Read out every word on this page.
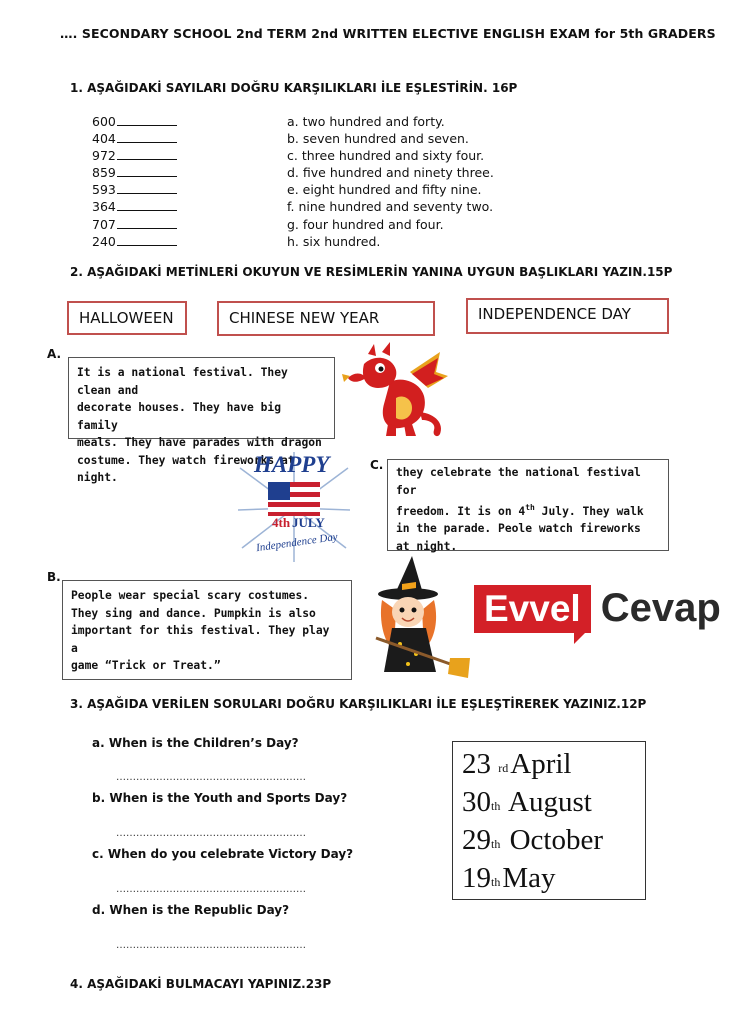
…. SECONDARY SCHOOL 2nd TERM 2nd WRITTEN ELECTIVE ENGLISH EXAM for 5th GRADERS
1. AŞAĞIDAKİ SAYILARI DOĞRU KARŞILIKLARI İLE EŞLESTİRİN. 16P
600
404
972
859
593
364
707
240
a. two hundred and forty.
b. seven hundred and seven.
c. three hundred and sixty four.
d. five hundred and ninety three.
e. eight hundred and fifty nine.
f. nine hundred and seventy two.
g. four hundred and four.
h. six hundred.
2. AŞAĞIDAKİ METİNLERİ OKUYUN VE RESİMLERİN YANINA UYGUN BAŞLIKLARI YAZIN.15P
HALLOWEEN	CHINESE NEW YEAR	INDEPENDENCE DAY
A.
It is a national festival. They clean and
decorate houses. They have big family
meals. They have parades with dragon
costume. They watch fireworks at night.
HAPPY
4th JULY
Independence Day
C.
they celebrate the national festival for
freedom. It is on 4th July. They walk
in the parade. Peole watch fireworks
at night.
B.
People wear special scary costumes.
They sing and dance. Pumpkin is also
important for this festival. They play a
game “Trick or Treat.”
Evvel Cevap
3. AŞAĞIDA VERİLEN SORULARI DOĞRU KARŞILIKLARI İLE EŞLEŞTİREREK YAZINIZ.12P
a. When is the Children’s Day?
…………………………………………………
b. When is the Youth and Sports Day?
…………………………………………………
c. When do you celebrate Victory Day?
…………………………………………………
d. When is the Republic Day?
…………………………………………………
23 $^{rd}$April
30th August
29th October
19thMay
4. AŞAĞIDAKİ BULMACAYI YAPINIZ.23P
